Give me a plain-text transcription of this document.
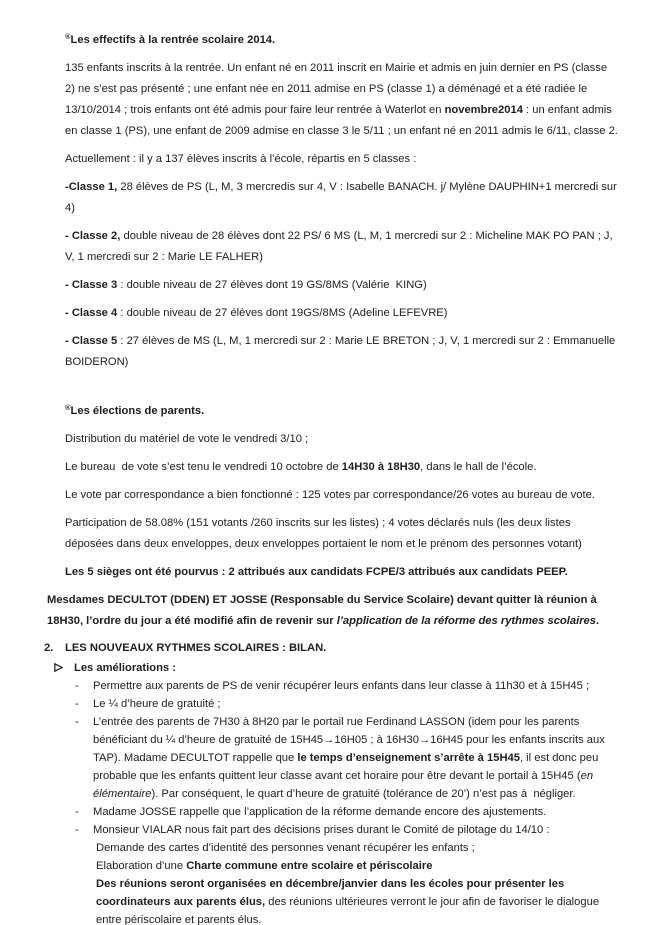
®Les effectifs à la rentrée scolaire 2014.
135 enfants inscrits à la rentrée. Un enfant né en 2011 inscrit en Mairie et admis en juin dernier en PS (classe 2) ne s’est pas présenté ; une enfant née en 2011 admise en PS (classe 1) a déménagé et a été radiée le 13/10/2014 ; trois enfants ont été admis pour faire leur rentrée à Waterlot en novembre2014 : un enfant admis en classe 1 (PS), une enfant de 2009 admise en classe 3 le 5/11 ; un enfant né en 2011 admis le 6/11, classe 2.
Actuellement : il y a 137 élèves inscrits à l’école, répartis en 5 classes :
-Classe 1, 28 élèves de PS (L, M, 3 mercredis sur 4, V : Isabelle BANACH. j/ Mylène DAUPHIN+1 mercredi sur 4)
- Classe 2, double niveau de 28 élèves dont 22 PS/ 6 MS (L, M, 1 mercredi sur 2 : Micheline MAK PO PAN ; J, V, 1 mercredi sur 2 : Marie LE FALHER)
- Classe 3 : double niveau de 27 élèves dont 19 GS/8MS (Valérie  KING)
- Classe 4 : double niveau de 27 élèves dont 19GS/8MS (Adeline LEFEVRE)
- Classe 5 : 27 élèves de MS (L, M, 1 mercredi sur 2 : Marie LE BRETON ; J, V, 1 mercredi sur 2 : Emmanuelle BOIDERON)
®Les élections de parents.
Distribution du matériel de vote le vendredi 3/10 ;
Le bureau  de vote s’est tenu le vendredi 10 octobre de 14H30 à 18H30, dans le hall de l’école.
Le vote par correspondance a bien fonctionné : 125 votes par correspondance/26 votes au bureau de vote.
Participation de 58.08% (151 votants /260 inscrits sur les listes) ; 4 votes déclarés nuls (les deux listes déposées dans deux enveloppes, deux enveloppes portaient le nom et le prénom des personnes votant)
Les 5 sièges ont été pourvus : 2 attribués aux candidats FCPE/3 attribués aux candidats PEEP.
Mesdames DECULTOT (DDEN) ET JOSSE (Responsable du Service Scolaire) devant quitter là réunion à 18H30, l’ordre du jour a été modifié afin de revenir sur l’application de la réforme des rythmes scolaires.
2. LES NOUVEAUX RYTHMES SCOLAIRES : BILAN.
Les améliorations :
- Permettre aux parents de PS de venir récupérer leurs enfants dans leur classe à 11h30 et à 15H45 ;
- Le ¼ d’heure de gratuité ;
- L’entrée des parents de 7H30 à 8H20 par le portail rue Ferdinand LASSON (idem pour les parents bénéficiant du ¼ d’heure de gratuité de 15H45→16H05 ; à 16H30→16H45 pour les enfants inscrits aux TAP). Madame DECULTOT rappelle que le temps d’enseignement s’arrête à 15H45, il est donc peu probable que les enfants quittent leur classe avant cet horaire pour être devant le portail à 15H45 (en élémentaire). Par conséquent, le quart d’heure de gratuité (tolérance de 20’) n’est pas à  négliger.
- Madame JOSSE rappelle que l’application de la réforme demande encore des ajustements.
- Monsieur VIALAR nous fait part des décisions prises durant le Comité de pilotage du 14/10 :
Demande des cartes d’identité des personnes venant récupérer les enfants ;
Elaboration d’une Charte commune entre scolaire et périscolaire
Des réunions seront organisées en décembre/janvier dans les écoles pour présenter les coordinateurs aux parents élus, des réunions ultérieures verront le jour afin de favoriser le dialogue entre périscolaire et parents élus.
